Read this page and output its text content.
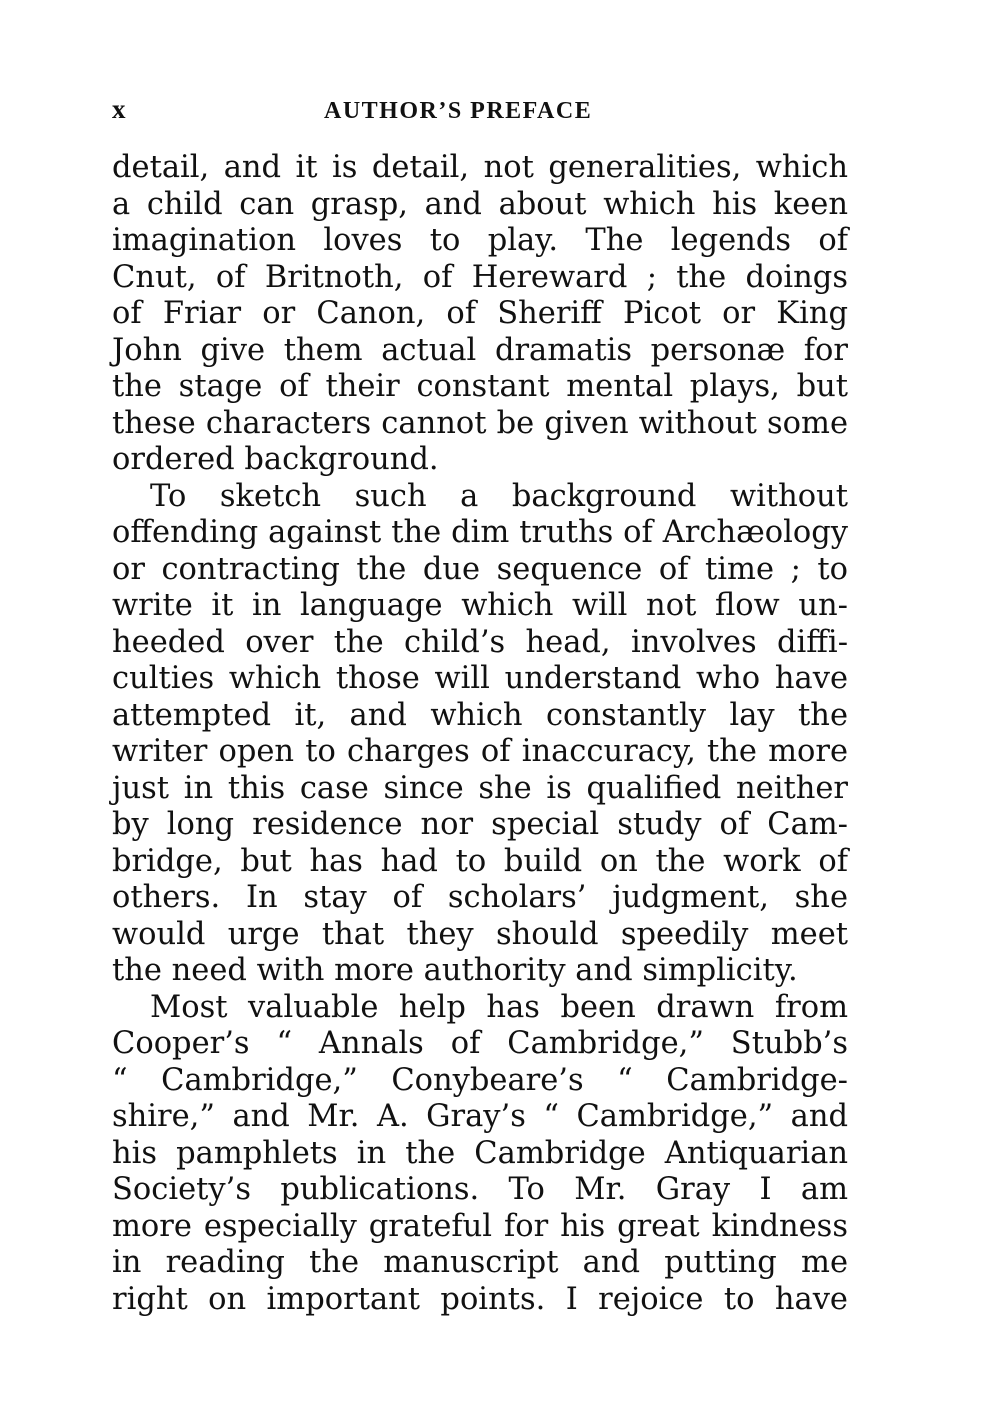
x	AUTHOR’S PREFACE

detail, and it is detail, not generalities, which
a child can grasp, and about which his keen
imagination loves to play. The legends of
Cnut, of Britnoth, of Hereward ; the doings
of Friar or Canon, of Sheriff Picot or King
John give them actual dramatis personæ for
the stage of their constant mental plays, but
these characters cannot be given without some
ordered background.

To sketch such a background without
offending against the dim truths of Archæology
or contracting the due sequence of time ; to
write it in language which will not flow un-
heeded over the child’s head, involves diffi-
culties which those will understand who have
attempted it, and which constantly lay the
writer open to charges of inaccuracy, the more
just in this case since she is qualified neither
by long residence nor special study of Cam-
bridge, but has had to build on the work of
others. In stay of scholars’ judgment, she
would urge that they should speedily meet
the need with more authority and simplicity.

Most valuable help has been drawn from
Cooper’s “ Annals of Cambridge,” Stubb’s
“ Cambridge,” Conybeare’s “ Cambridge-
shire,” and Mr. A. Gray’s “ Cambridge,” and
his pamphlets in the Cambridge Antiquarian
Society’s publications. To Mr. Gray I am
more especially grateful for his great kindness
in reading the manuscript and putting me
right on important points. I rejoice to have
